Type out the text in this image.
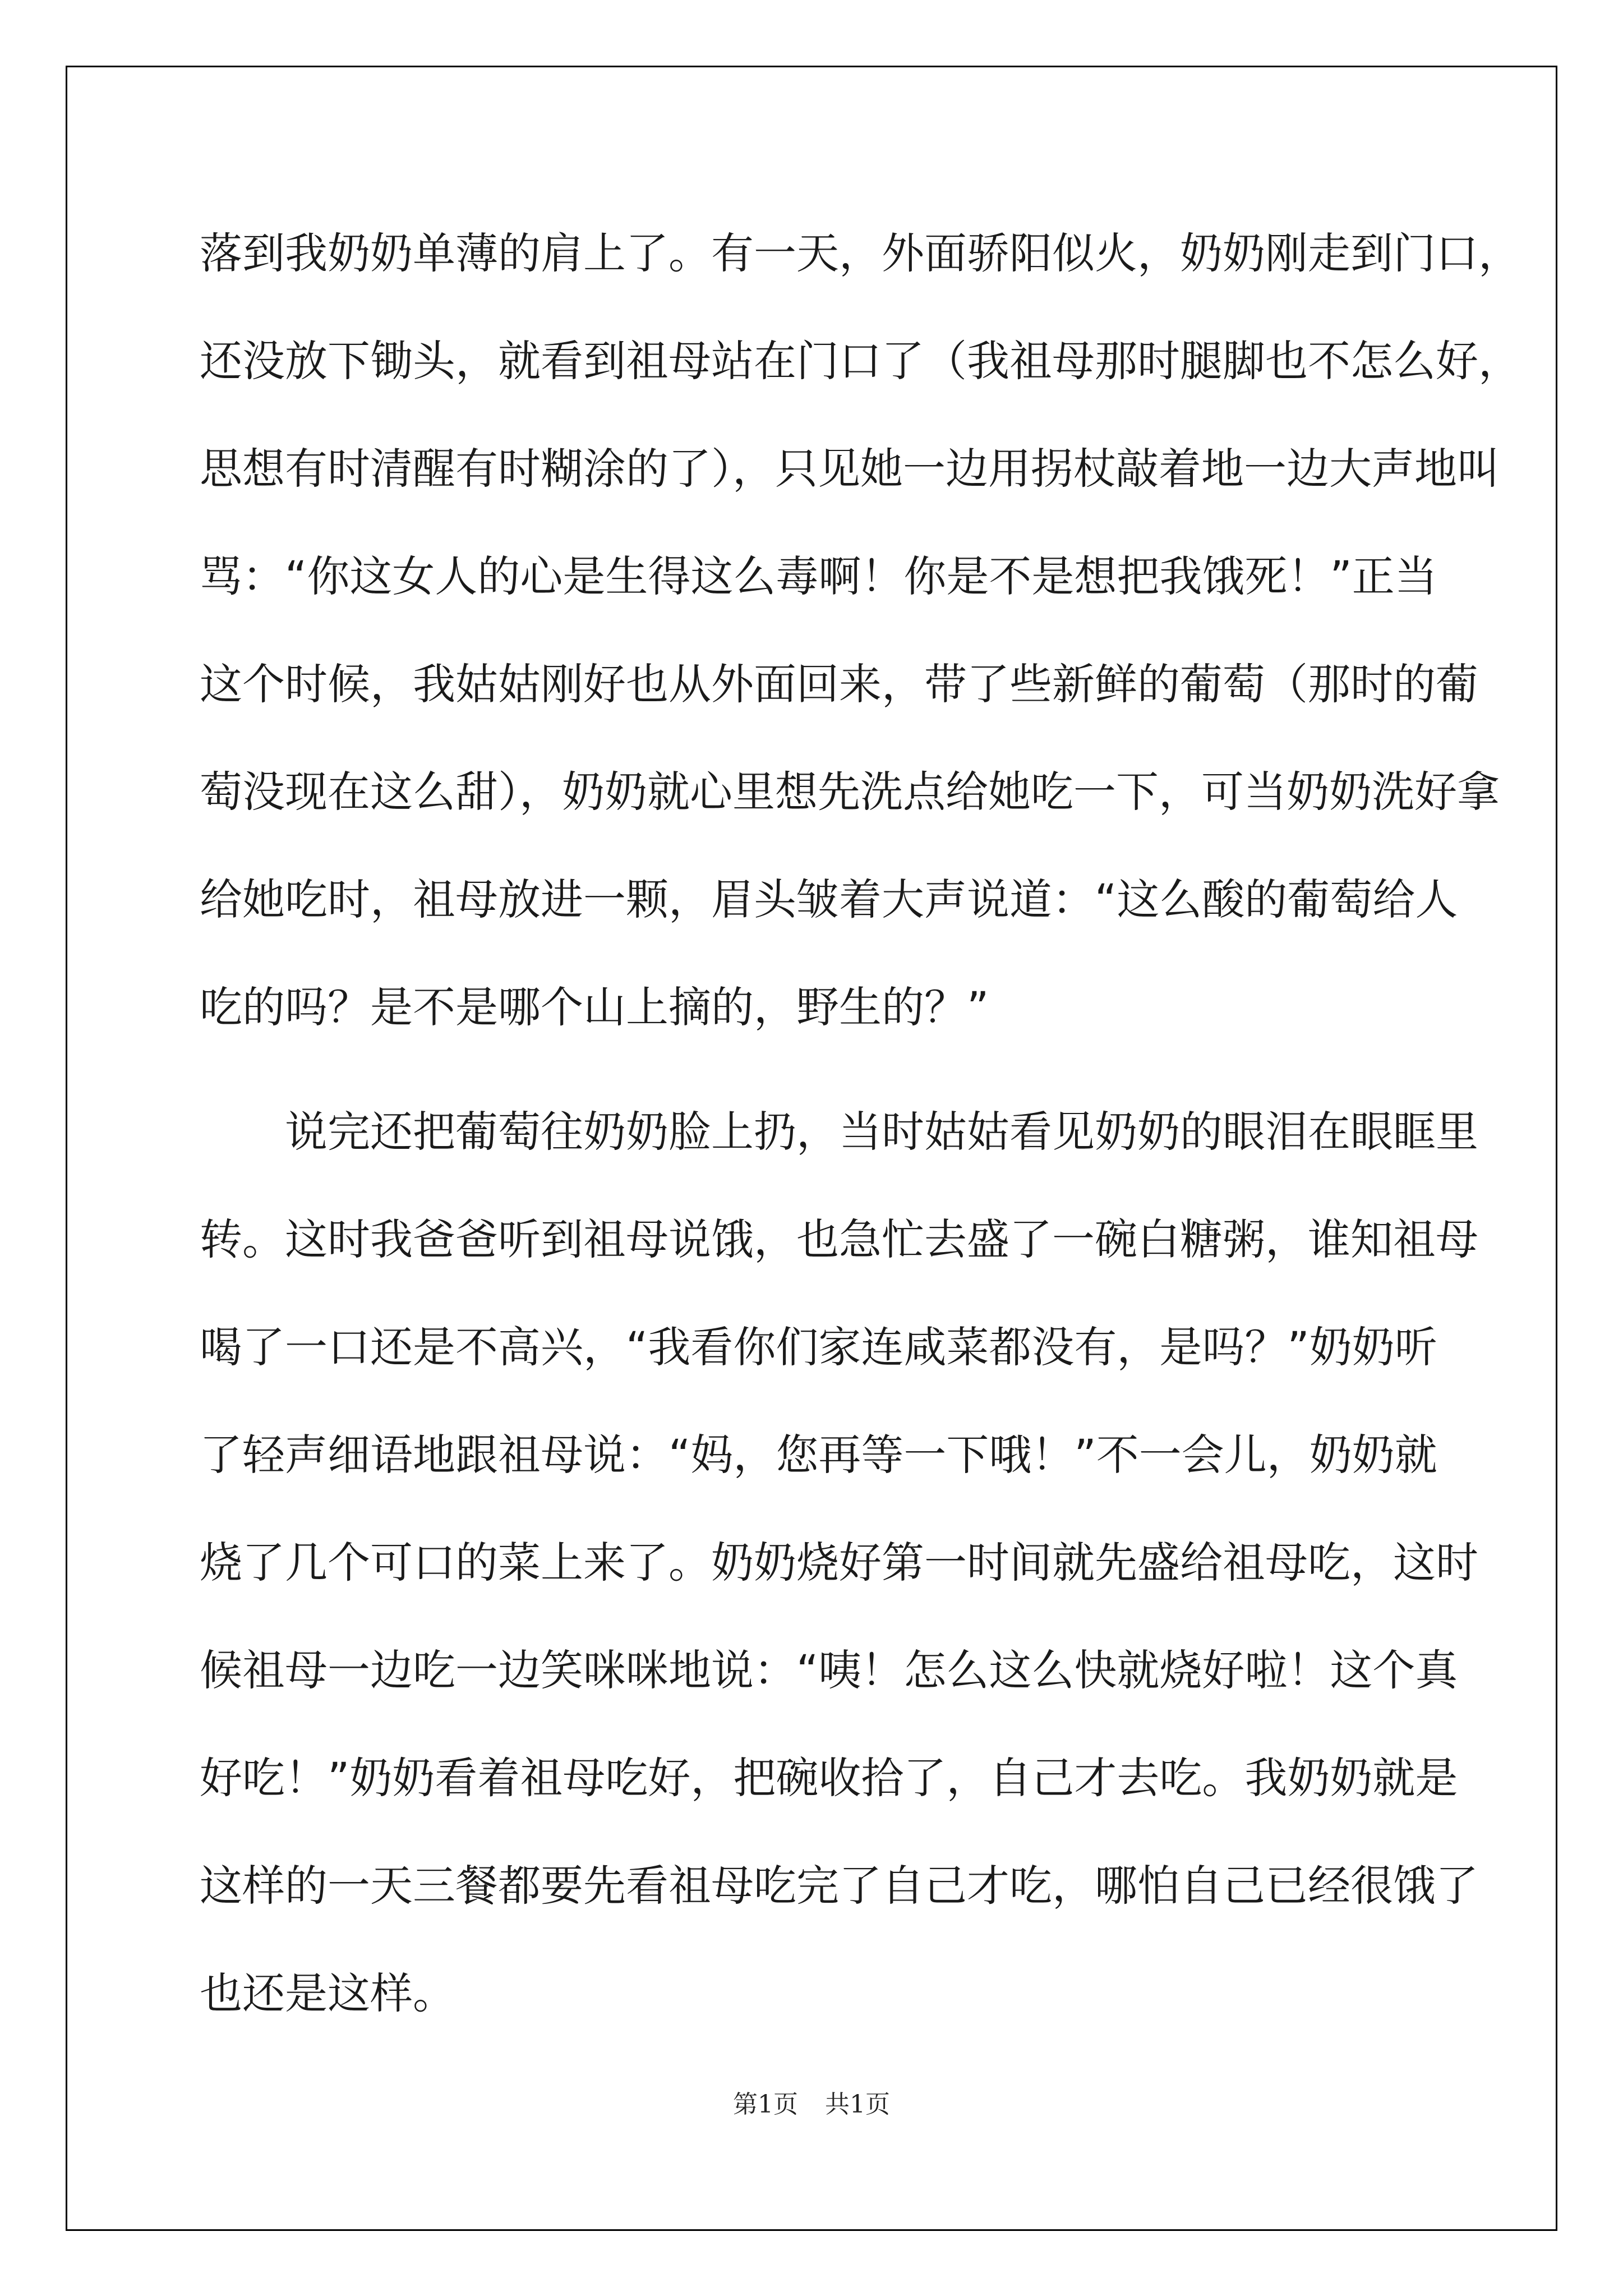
落到我奶奶单薄的肩上了。有一天，外面骄阳似火，奶奶刚走到门口，
还没放下锄头，就看到祖母站在门口了（我祖母那时腿脚也不怎么好，
思想有时清醒有时糊涂的了），只见她一边用拐杖敲着地一边大声地叫
骂：“你这女人的心是生得这么毒啊！你是不是想把我饿死！”正当
这个时候，我姑姑刚好也从外面回来，带了些新鲜的葡萄（那时的葡
萄没现在这么甜），奶奶就心里想先洗点给她吃一下，可当奶奶洗好拿
给她吃时，祖母放进一颗，眉头皱着大声说道：“这么酸的葡萄给人
吃的吗？是不是哪个山上摘的，野生的？”
说完还把葡萄往奶奶脸上扔，当时姑姑看见奶奶的眼泪在眼眶里
转。这时我爸爸听到祖母说饿，也急忙去盛了一碗白糖粥，谁知祖母
喝了一口还是不高兴，“我看你们家连咸菜都没有，是吗？”奶奶听
了轻声细语地跟祖母说：“妈，您再等一下哦！”不一会儿，奶奶就
烧了几个可口的菜上来了。奶奶烧好第一时间就先盛给祖母吃，这时
候祖母一边吃一边笑咪咪地说：“咦！怎么这么快就烧好啦！这个真
好吃！”奶奶看着祖母吃好，把碗收拾了，自己才去吃。我奶奶就是
这样的一天三餐都要先看祖母吃完了自己才吃，哪怕自己已经很饿了
也还是这样。
第1页 共1页
